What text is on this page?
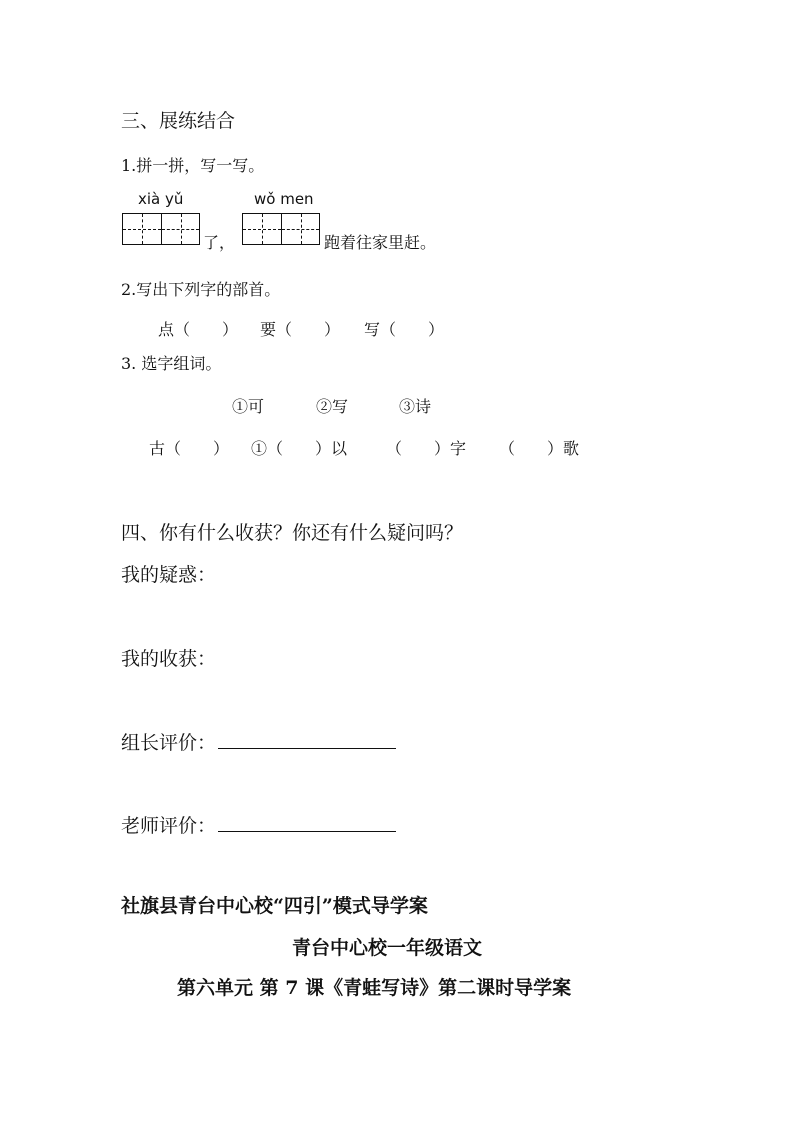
三、展练结合
1.拼一拼，写一写。
xià yǔ	wǒ men
了，	跑着往家里赶。
2.写出下列字的部首。
点（　　） 要（　　） 写（　　）
3. 选字组词。
①可	②写	③诗
古（　　） ①（　　）以 （　　）字 （　　）歌
四、你有什么收获？你还有什么疑问吗？
我的疑惑：
我的收获：
组长评价：
老师评价：
社旗县青台中心校“四引”模式导学案
青台中心校一年级语文
第六单元 第 7 课《青蛙写诗》第二课时导学案
